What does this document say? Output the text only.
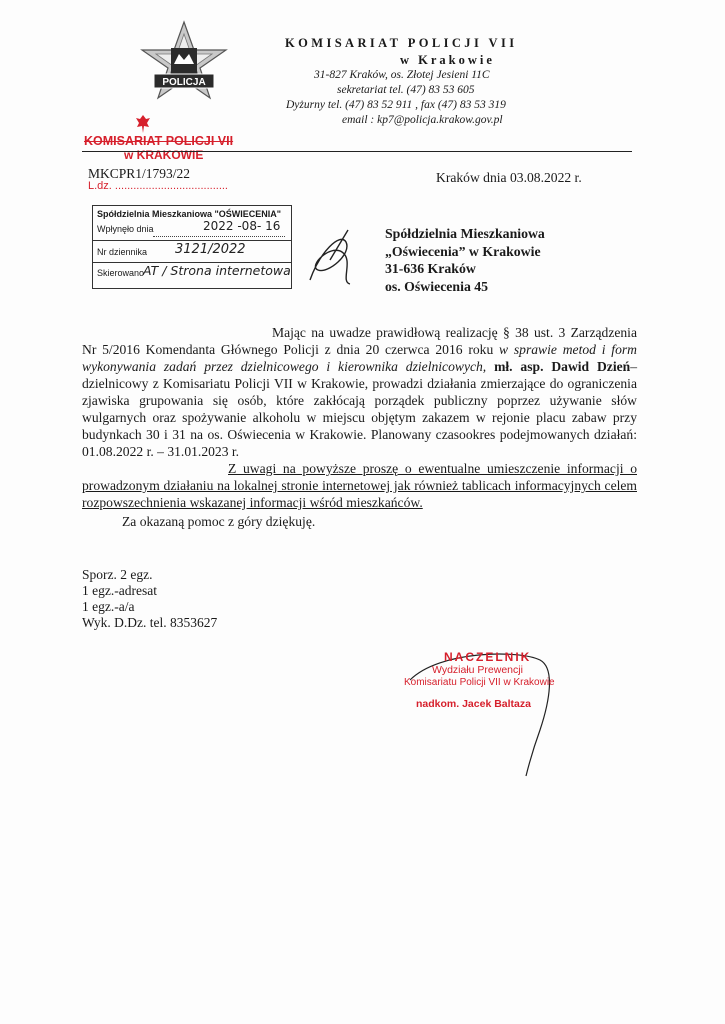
POLICJA
KOMISARIAT POLICJI VII
w Krakowie
31-827 Kraków, os. Złotej Jesieni 11C
sekretariat tel. (47) 83 53 605
Dyżurny tel. (47) 83 52 911 , fax (47) 83 53 319
email : kp7@policja.krakow.gov.pl
KOMISARIAT POLICJI VII
w KRAKOWIE
MKCPR1/1793/22
L.dz. .....................................
Kraków dnia 03.08.2022 r.
Spółdzielnia Mieszkaniowa "OŚWIECENIA"
Wpłynęło dnia	2022 -08- 16
Nr dziennika 3121/2022
Skierowano
AT / Strona internetowa
Spółdzielnia Mieszkaniowa
„Oświecenia” w Krakowie
31-636 Kraków
os. Oświecenia 45

Mając na uwadze prawidłową realizację § 38 ust. 3 Zarządzenia Nr 5/2016 Komendanta Głównego Policji z dnia 20 czerwca 2016 roku w sprawie metod i form wykonywania zadań przez dzielnicowego i kierownika dzielnicowych, mł. asp. Dawid Dzień– dzielnicowy z Komisariatu Policji VII w Krakowie, prowadzi działania zmierzające do ograniczenia zjawiska grupowania się osób, które zakłócają porządek publiczny poprzez używanie słów wulgarnych oraz spożywanie alkoholu w miejscu objętym zakazem w rejonie placu zabaw przy budynkach 30 i 31 na os. Oświecenia w Krakowie. Planowany czasookres podejmowanych działań: 01.08.2022 r. – 31.01.2023 r.

Z uwagi na powyższe proszę o ewentualne umieszczenie informacji o prowadzonym działaniu na lokalnej stronie internetowej jak również tablicach informacyjnych celem rozpowszechnienia wskazanej informacji wśród mieszkańców.

Za okazaną pomoc z góry dziękuję.

Sporz. 2 egz.
1 egz.-adresat
1 egz.-a/a
Wyk. D.Dz. tel. 8353627
NACZELNIK
Wydziału Prewencji
Komisariatu Policji VII w Krakowie
nadkom. Jacek Baltaza
